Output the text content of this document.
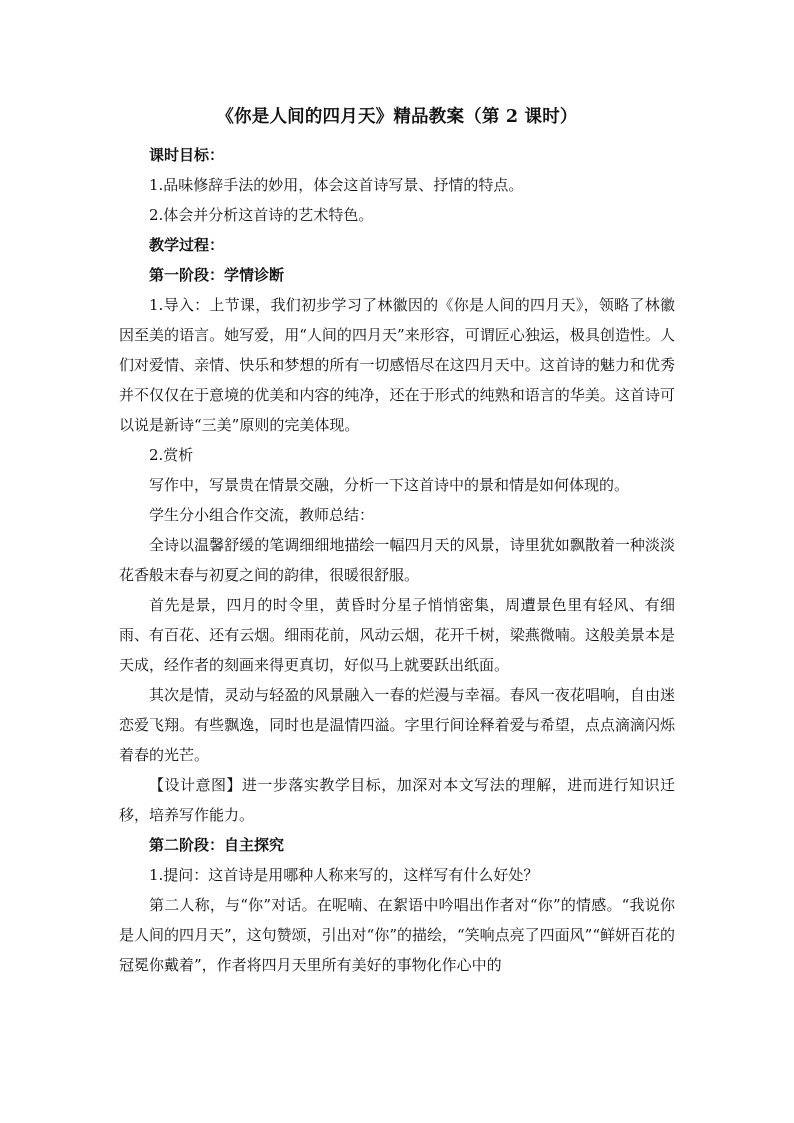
《你是人间的四月天》精品教案（第 2 课时）

课时目标：

1.品味修辞手法的妙用，体会这首诗写景、抒情的特点。

2.体会并分析这首诗的艺术特色。

教学过程：

第一阶段：学情诊断

1.导入：上节课，我们初步学习了林徽因的《你是人间的四月天》，领略了林徽因至美的语言。她写爱，用“人间的四月天”来形容，可谓匠心独运，极具创造性。人们对爱情、亲情、快乐和梦想的所有一切感悟尽在这四月天中。这首诗的魅力和优秀并不仅仅在于意境的优美和内容的纯净，还在于形式的纯熟和语言的华美。这首诗可以说是新诗“三美”原则的完美体现。

2.赏析

写作中，写景贵在情景交融，分析一下这首诗中的景和情是如何体现的。

学生分小组合作交流，教师总结：

全诗以温馨舒缓的笔调细细地描绘一幅四月天的风景，诗里犹如飘散着一种淡淡花香般末春与初夏之间的韵律，很暖很舒服。

首先是景，四月的时令里，黄昏时分星子悄悄密集，周遭景色里有轻风、有细雨、有百花、还有云烟。细雨花前，风动云烟，花开千树，梁燕微喃。这般美景本是天成，经作者的刻画来得更真切，好似马上就要跃出纸面。

其次是情，灵动与轻盈的风景融入一春的烂漫与幸福。春风一夜花唱响，自由迷恋爱飞翔。有些飘逸，同时也是温情四溢。字里行间诠释着爱与希望，点点滴滴闪烁着春的光芒。

【设计意图】进一步落实教学目标，加深对本文写法的理解，进而进行知识迁移，培养写作能力。

第二阶段：自主探究

1.提问：这首诗是用哪种人称来写的，这样写有什么好处？

第二人称，与“你”对话。在呢喃、在絮语中吟唱出作者对“你”的情感。“我说你是人间的四月天”，这句赞颂，引出对“你”的描绘，“笑响点亮了四面风”“鲜妍百花的冠冕你戴着”，作者将四月天里所有美好的事物化作心中的
